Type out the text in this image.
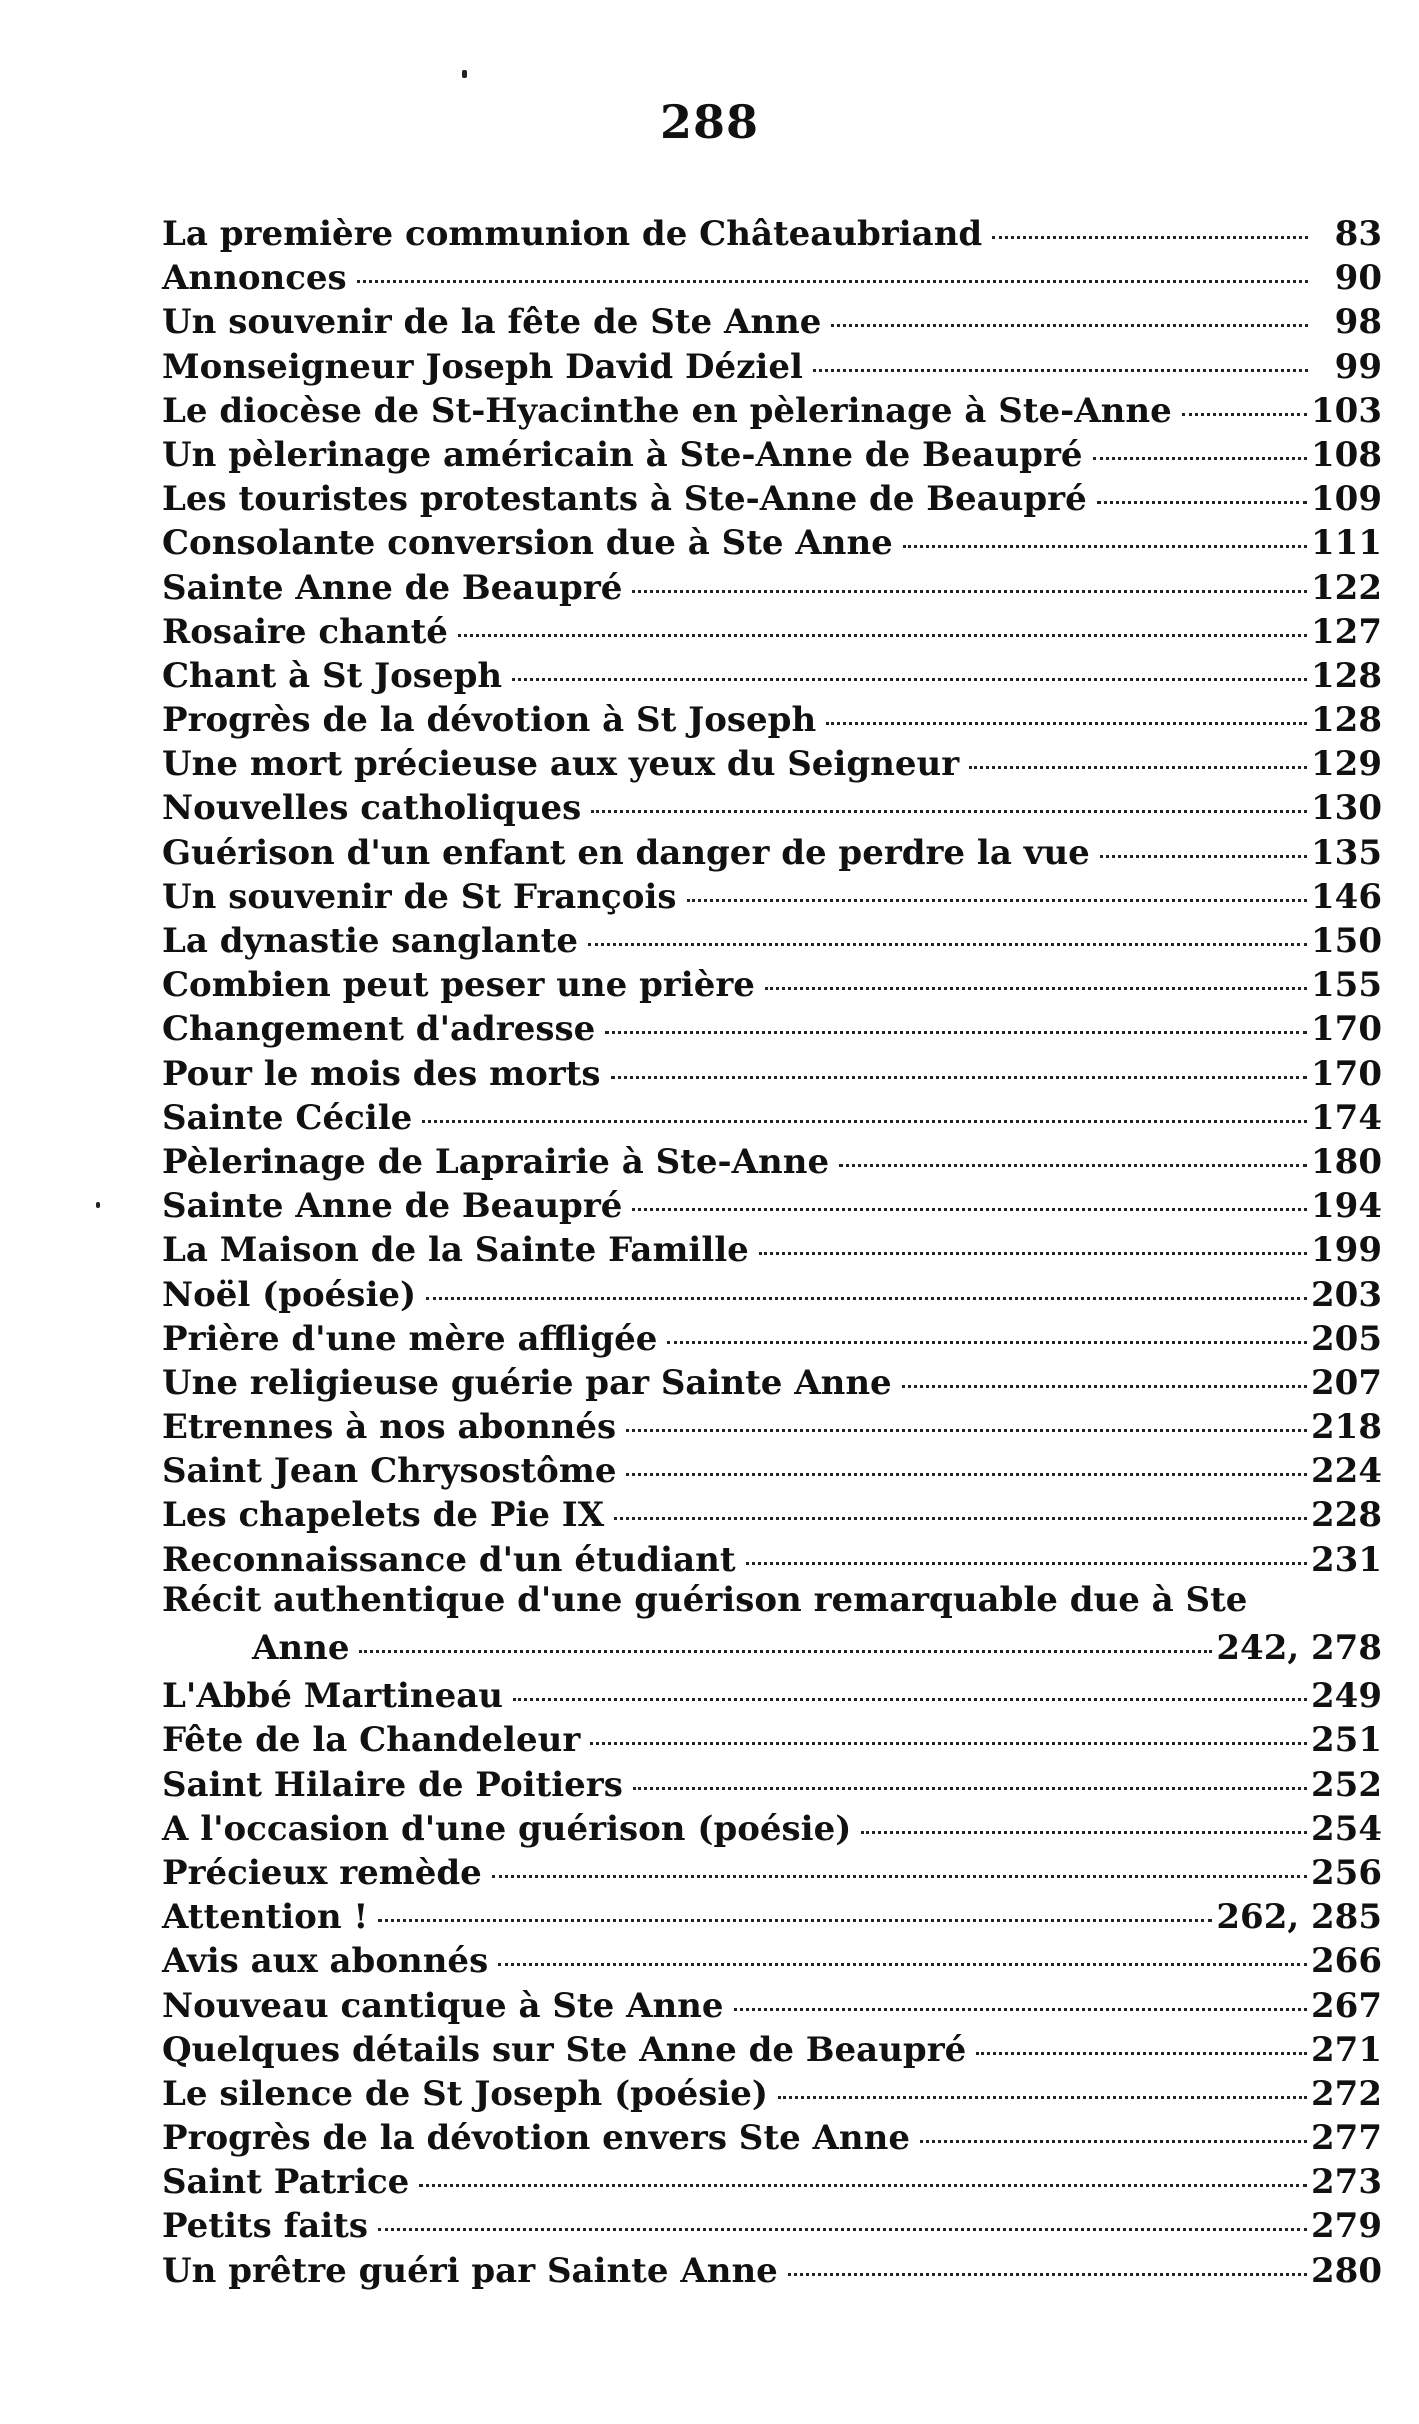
288
La première communion de Châteaubriand	83
Annonces	90
Un souvenir de la fête de Ste Anne	98
Monseigneur Joseph David Déziel	99
Le diocèse de St-Hyacinthe en pèlerinage à Ste-Anne	103
Un pèlerinage américain à Ste-Anne de Beaupré	108
Les touristes protestants à Ste-Anne de Beaupré	109
Consolante conversion due à Ste Anne	111
Sainte Anne de Beaupré	122
Rosaire chanté	127
Chant à St Joseph	128
Progrès de la dévotion à St Joseph	128
Une mort précieuse aux yeux du Seigneur	129
Nouvelles catholiques	130
Guérison d'un enfant en danger de perdre la vue	135
Un souvenir de St François	146
La dynastie sanglante	150
Combien peut peser une prière	155
Changement d'adresse	170
Pour le mois des morts	170
Sainte Cécile	174
Pèlerinage de Laprairie à Ste-Anne	180
Sainte Anne de Beaupré	194
La Maison de la Sainte Famille	199
Noël (poésie)	203
Prière d'une mère affligée	205
Une religieuse guérie par Sainte Anne	207
Etrennes à nos abonnés	218
Saint Jean Chrysostôme	224
Les chapelets de Pie IX	228
Reconnaissance d'un étudiant	231
Récit authentique d'une guérison remarquable due à Ste
Anne	242, 278
L'Abbé Martineau	249
Fête de la Chandeleur	251
Saint Hilaire de Poitiers	252
A l'occasion d'une guérison (poésie)	254
Précieux remède	256
Attention !	262, 285
Avis aux abonnés	266
Nouveau cantique à Ste Anne	267
Quelques détails sur Ste Anne de Beaupré	271
Le silence de St Joseph (poésie)	272
Progrès de la dévotion envers Ste Anne	277
Saint Patrice	273
Petits faits	279
Un prêtre guéri par Sainte Anne	280
